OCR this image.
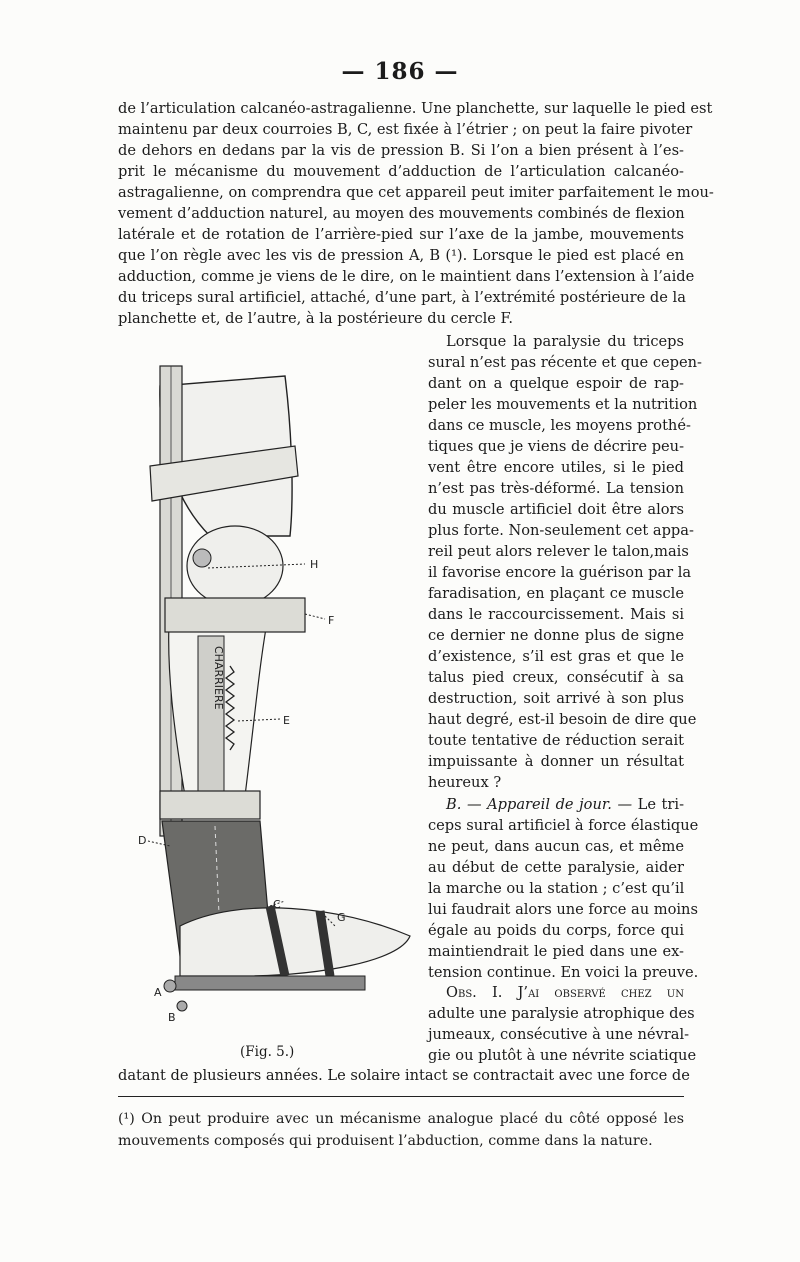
— 186 —

de l’articulation calcanéo-astragalienne. Une planchette, sur laquelle le pied est
maintenu par deux courroies B, C, est fixée à l’étrier ; on peut la faire pivoter
de dehors en dedans par la vis de pression B. Si l’on a bien présent à l’es-
prit le mécanisme du mouvement d’adduction de l’articulation calcanéo-
astragalienne, on comprendra que cet appareil peut imiter parfaitement le mou-
vement d’adduction naturel, au moyen des mouvements combinés de flexion
latérale et de rotation de l’arrière-pied sur l’axe de la jambe, mouvements
que l’on règle avec les vis de pression A, B (¹). Lorsque le pied est placé en
adduction, comme je viens de le dire, on le maintient dans l’extension à l’aide
du triceps sural artificiel, attaché, d’une part, à l’extrémité postérieure de la
planchette et, de l’autre, à la postérieure du cercle F.

CHARRIERE
H
F
E
D
C
G
A
B
(Fig. 5.)

Lorsque la paralysie du triceps
sural n’est pas récente et que cepen-
dant on a quelque espoir de rap-
peler les mouvements et la nutrition
dans ce muscle, les moyens prothé-
tiques que je viens de décrire peu-
vent être encore utiles, si le pied
n’est pas très-déformé. La tension
du muscle artificiel doit être alors
plus forte. Non-seulement cet appa-
reil peut alors relever le talon,mais
il favorise encore la guérison par la
faradisation, en plaçant ce muscle
dans le raccourcissement. Mais si
ce dernier ne donne plus de signe
d’existence, s’il est gras et que le
talus pied creux, consécutif à sa
destruction, soit arrivé à son plus
haut degré, est-il besoin de dire que
toute tentative de réduction serait
impuissante à donner un résultat
heureux ?

B. — Appareil de jour. — Le tri-
ceps sural artificiel à force élastique
ne peut, dans aucun cas, et même
au début de cette paralysie, aider
la marche ou la station ; c’est qu’il
lui faudrait alors une force au moins
égale au poids du corps, force qui
maintiendrait le pied dans une ex-
tension continue. En voici la preuve.

Obs. I. J’ai observé chez un
adulte une paralysie atrophique des
jumeaux, consécutive à une névral-
gie ou plutôt à une névrite sciatique

datant de plusieurs années. Le solaire intact se contractait avec une force de

(¹) On peut produire avec un mécanisme analogue placé du côté opposé les
mouvements composés qui produisent l’abduction, comme dans la nature.
